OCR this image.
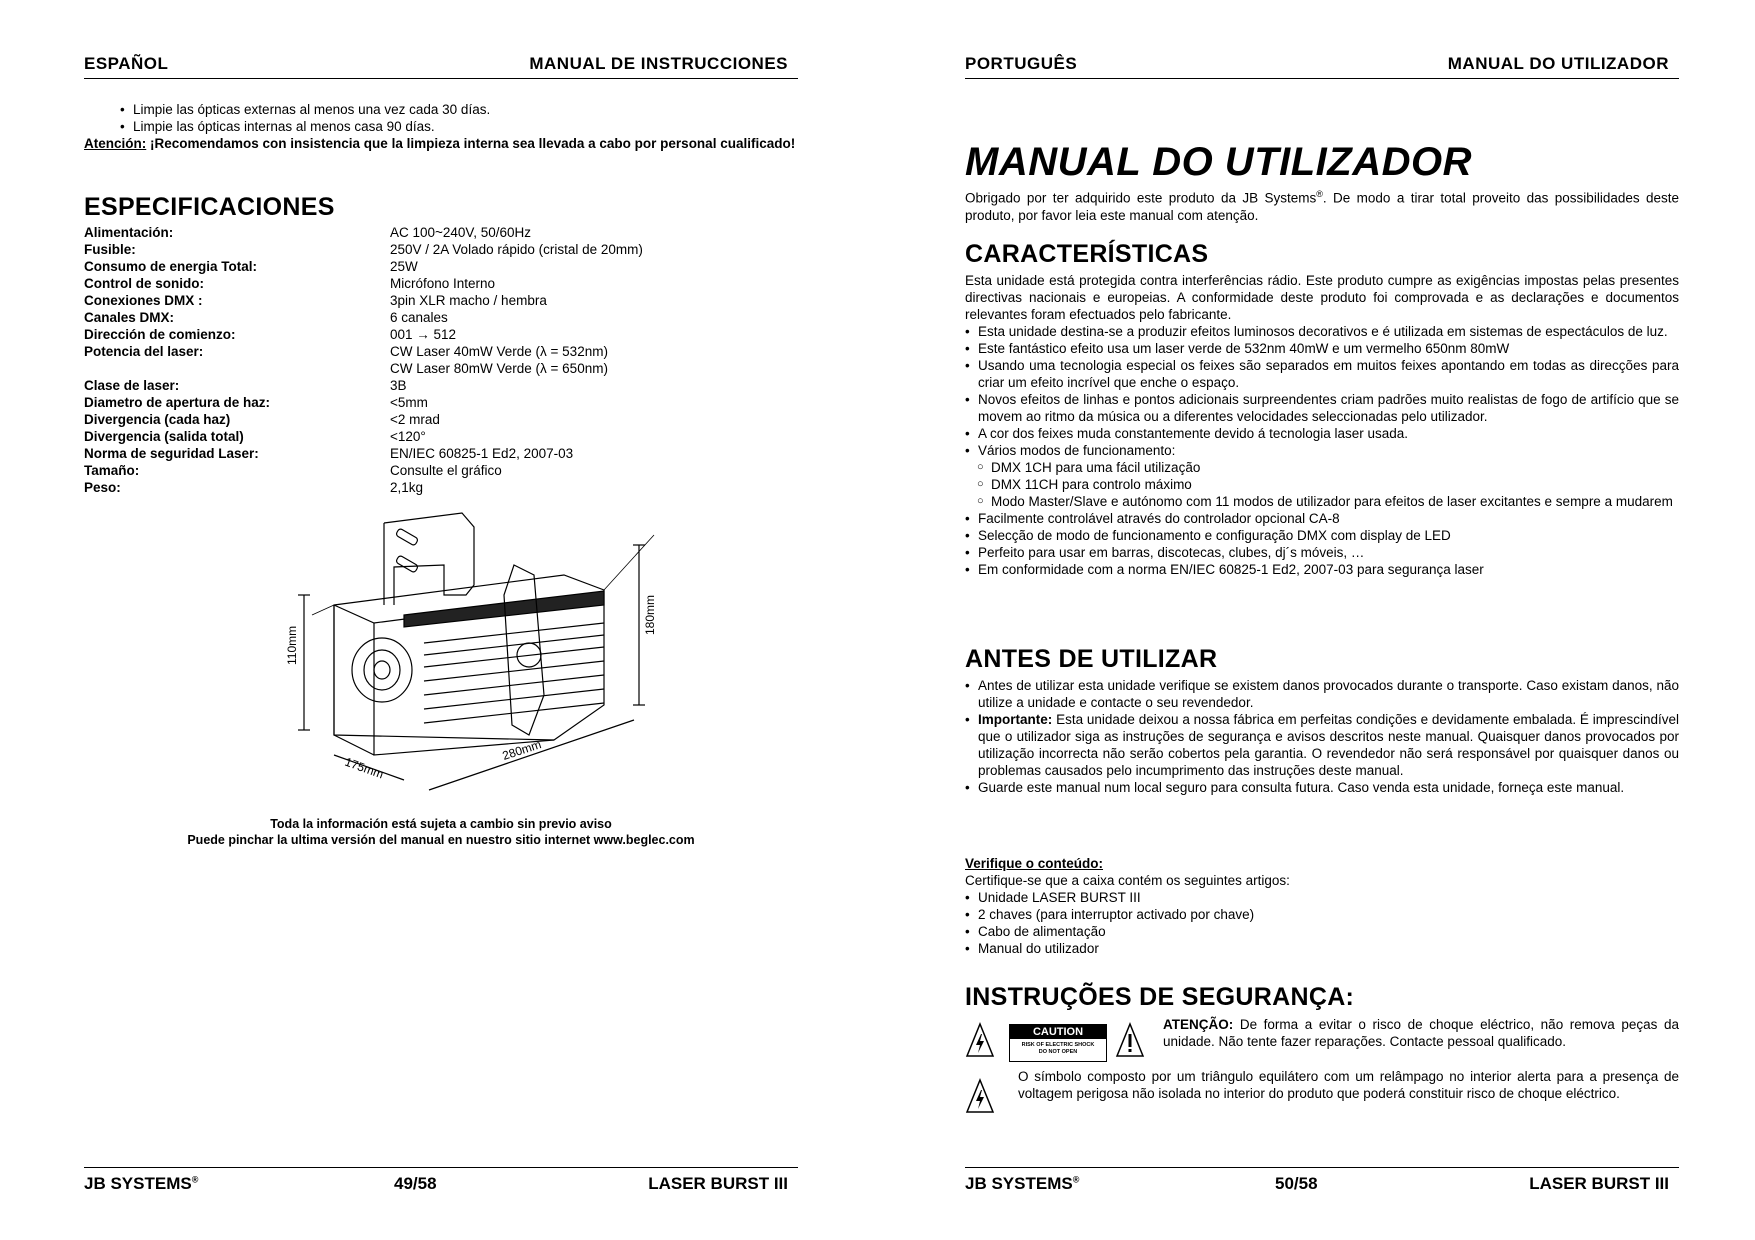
ESPAÑOL	MANUAL DE INSTRUCCIONES
• Limpie las ópticas externas al menos una vez cada 30 días.
• Limpie las ópticas internas al menos casa 90 días.
Atención: ¡Recomendamos con insistencia que la limpieza interna sea llevada a cabo por personal cualificado!
ESPECIFICACIONES
Alimentación:	AC 100~240V, 50/60Hz
Fusible:	250V / 2A Volado rápido (cristal de 20mm)
Consumo de energia Total:	25W
Control de sonido:	Micrófono Interno
Conexiones DMX :	3pin XLR macho / hembra
Canales DMX:	6 canales
Dirección de comienzo:	001 → 512
Potencia del laser:	CW Laser 40mW Verde (λ = 532nm)
	CW Laser 80mW Verde (λ = 650nm)
Clase de laser:	3B
Diametro de apertura de haz:	<5mm
Divergencia (cada haz)	<2 mrad
Divergencia (salida total)	<120°
Norma de seguridad Laser:	EN/IEC 60825-1 Ed2, 2007-03
Tamaño:	Consulte el gráfico
Peso:	2,1kg
110mm
180mm
175mm
280mm
Toda la información está sujeta a cambio sin previo aviso
Puede pinchar la ultima versión del manual en nuestro sitio internet www.beglec.com
JB SYSTEMS®	49/58	LASER BURST III
PORTUGUÊS	MANUAL DO UTILIZADOR
MANUAL DO UTILIZADOR
Obrigado por ter adquirido este produto da JB Systems®. De modo a tirar total proveito das possibilidades deste produto, por favor leia este manual com atenção.
CARACTERÍSTICAS
Esta unidade está protegida contra interferências rádio. Este produto cumpre as exigências impostas pelas presentes directivas nacionais e europeias. A conformidade deste produto foi comprovada e as declarações e documentos relevantes foram efectuados pelo fabricante.
• Esta unidade destina-se a produzir efeitos luminosos decorativos e é utilizada em sistemas de espectáculos de luz.
• Este fantástico efeito usa um laser verde de 532nm 40mW e um vermelho 650nm 80mW
• Usando uma tecnologia especial os feixes são separados em muitos feixes apontando em todas as direcções para criar um efeito incrível que enche o espaço.
• Novos efeitos de linhas e pontos adicionais surpreendentes criam padrões muito realistas de fogo de artifício que se movem ao ritmo da música ou a diferentes velocidades seleccionadas pelo utilizador.
• A cor dos feixes muda constantemente devido á tecnologia laser usada.
• Vários modos de funcionamento:
○ DMX 1CH para uma fácil utilização
○ DMX 11CH para controlo máximo
○ Modo Master/Slave e autónomo com 11 modos de utilizador para efeitos de laser excitantes e sempre a mudarem
• Facilmente controlável através do controlador opcional CA-8
• Selecção de modo de funcionamento e configuração DMX com display de LED
• Perfeito para usar em barras, discotecas, clubes, dj´s móveis, …
• Em conformidade com a norma EN/IEC 60825-1 Ed2, 2007-03 para segurança laser
ANTES DE UTILIZAR
• Antes de utilizar esta unidade verifique se existem danos provocados durante o transporte. Caso existam danos, não utilize a unidade e contacte o seu revendedor.
• Importante: Esta unidade deixou a nossa fábrica em perfeitas condições e devidamente embalada. É imprescindível que o utilizador siga as instruções de segurança e avisos descritos neste manual. Quaisquer danos provocados por utilização incorrecta não serão cobertos pela garantia. O revendedor não será responsável por quaisquer danos ou problemas causados pelo incumprimento das instruções deste manual.
• Guarde este manual num local seguro para consulta futura. Caso venda esta unidade, forneça este manual.
Verifique o conteúdo:
Certifique-se que a caixa contém os seguintes artigos:
• Unidade LASER BURST III
• 2 chaves (para interruptor activado por chave)
• Cabo de alimentação
• Manual do utilizador
INSTRUÇÕES DE SEGURANÇA:
CAUTION
RISK OF ELECTRIC SHOCK
DO NOT OPEN
ATENÇÃO: De forma a evitar o risco de choque eléctrico, não remova peças da unidade. Não tente fazer reparações. Contacte pessoal qualificado.
O símbolo composto por um triângulo equilátero com um relâmpago no interior alerta para a presença de voltagem perigosa não isolada no interior do produto que poderá constituir risco de choque eléctrico.
JB SYSTEMS®	50/58	LASER BURST III
